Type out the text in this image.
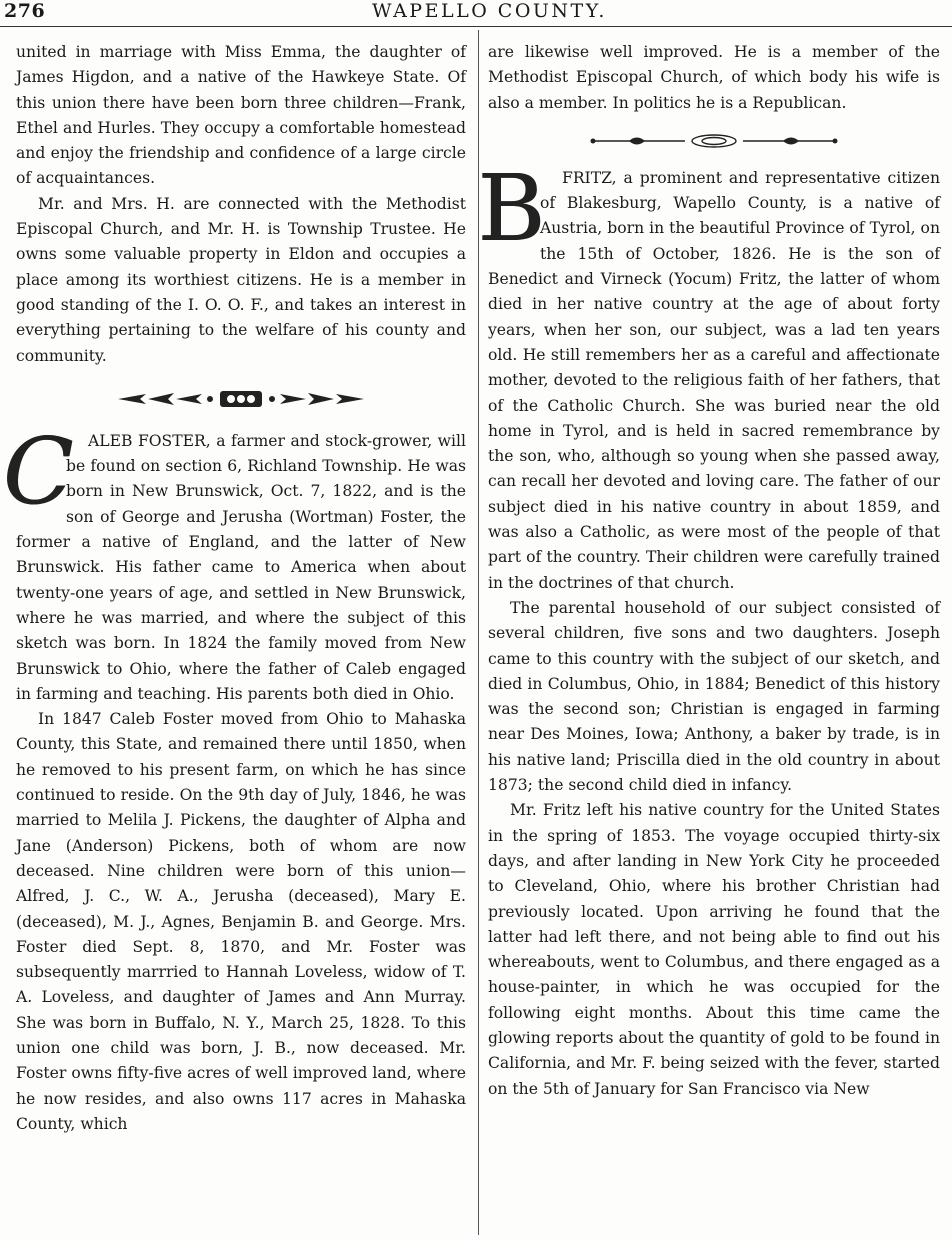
276	WAPELLO COUNTY.

united in marriage with Miss Emma, the daughter of James Higdon, and a native of the Hawkeye State. Of this union there have been born three children—Frank, Ethel and Hurles. They occupy a comfortable homestead and enjoy the friendship and confidence of a large circle of acquaintances.

Mr. and Mrs. H. are connected with the Methodist Episcopal Church, and Mr. H. is Township Trustee. He owns some valuable property in Eldon and occupies a place among its worthiest citizens. He is a member in good standing of the I. O. O. F., and takes an interest in everything pertaining to the welfare of his county and community.

C ALEB FOSTER, a farmer and stock-grower, will be found on section 6, Richland Township. He was born in New Brunswick, Oct. 7, 1822, and is the son of George and Jerusha (Wortman) Foster, the former a native of England, and the latter of New Brunswick. His father came to America when about twenty-one years of age, and settled in New Brunswick, where he was married, and where the subject of this sketch was born. In 1824 the family moved from New Brunswick to Ohio, where the father of Caleb engaged in farming and teaching. His parents both died in Ohio.

In 1847 Caleb Foster moved from Ohio to Mahaska County, this State, and remained there until 1850, when he removed to his present farm, on which he has since continued to reside. On the 9th day of July, 1846, he was married to Melila J. Pickens, the daughter of Alpha and Jane (Anderson) Pickens, both of whom are now deceased. Nine children were born of this union—Alfred, J. C., W. A., Jerusha (deceased), Mary E. (deceased), M. J., Agnes, Benjamin B. and George. Mrs. Foster died Sept. 8, 1870, and Mr. Foster was subsequently marrried to Hannah Loveless, widow of T. A. Loveless, and daughter of James and Ann Murray. She was born in Buffalo, N. Y., March 25, 1828. To this union one child was born, J. B., now deceased. Mr. Foster owns fifty-five acres of well improved land, where he now resides, and also owns 117 acres in Mahaska County, which

are likewise well improved. He is a member of the Methodist Episcopal Church, of which body his wife is also a member. In politics he is a Republican.

B	FRITZ, a prominent and representative citizen of Blakesburg, Wapello County, is a native of Austria, born in the beautiful Province of Tyrol, on the 15th of October, 1826. He is the son of Benedict and Virneck (Yocum) Fritz, the latter of whom died in her native country at the age of about forty years, when her son, our subject, was a lad ten years old. He still remembers her as a careful and affectionate mother, devoted to the religious faith of her fathers, that of the Catholic Church. She was buried near the old home in Tyrol, and is held in sacred remembrance by the son, who, although so young when she passed away, can recall her devoted and loving care. The father of our subject died in his native country in about 1859, and was also a Catholic, as were most of the people of that part of the country. Their children were carefully trained in the doctrines of that church.

The parental household of our subject consisted of several children, five sons and two daughters. Joseph came to this country with the subject of our sketch, and died in Columbus, Ohio, in 1884; Benedict of this history was the second son; Christian is engaged in farming near Des Moines, Iowa; Anthony, a baker by trade, is in his native land; Priscilla died in the old country in about 1873; the second child died in infancy.

Mr. Fritz left his native country for the United States in the spring of 1853. The voyage occupied thirty-six days, and after landing in New York City he proceeded to Cleveland, Ohio, where his brother Christian had previously located. Upon arriving he found that the latter had left there, and not being able to find out his whereabouts, went to Columbus, and there engaged as a house-painter, in which he was occupied for the following eight months. About this time came the glowing reports about the quantity of gold to be found in California, and Mr. F. being seized with the fever, started on the 5th of January for San Francisco via New
